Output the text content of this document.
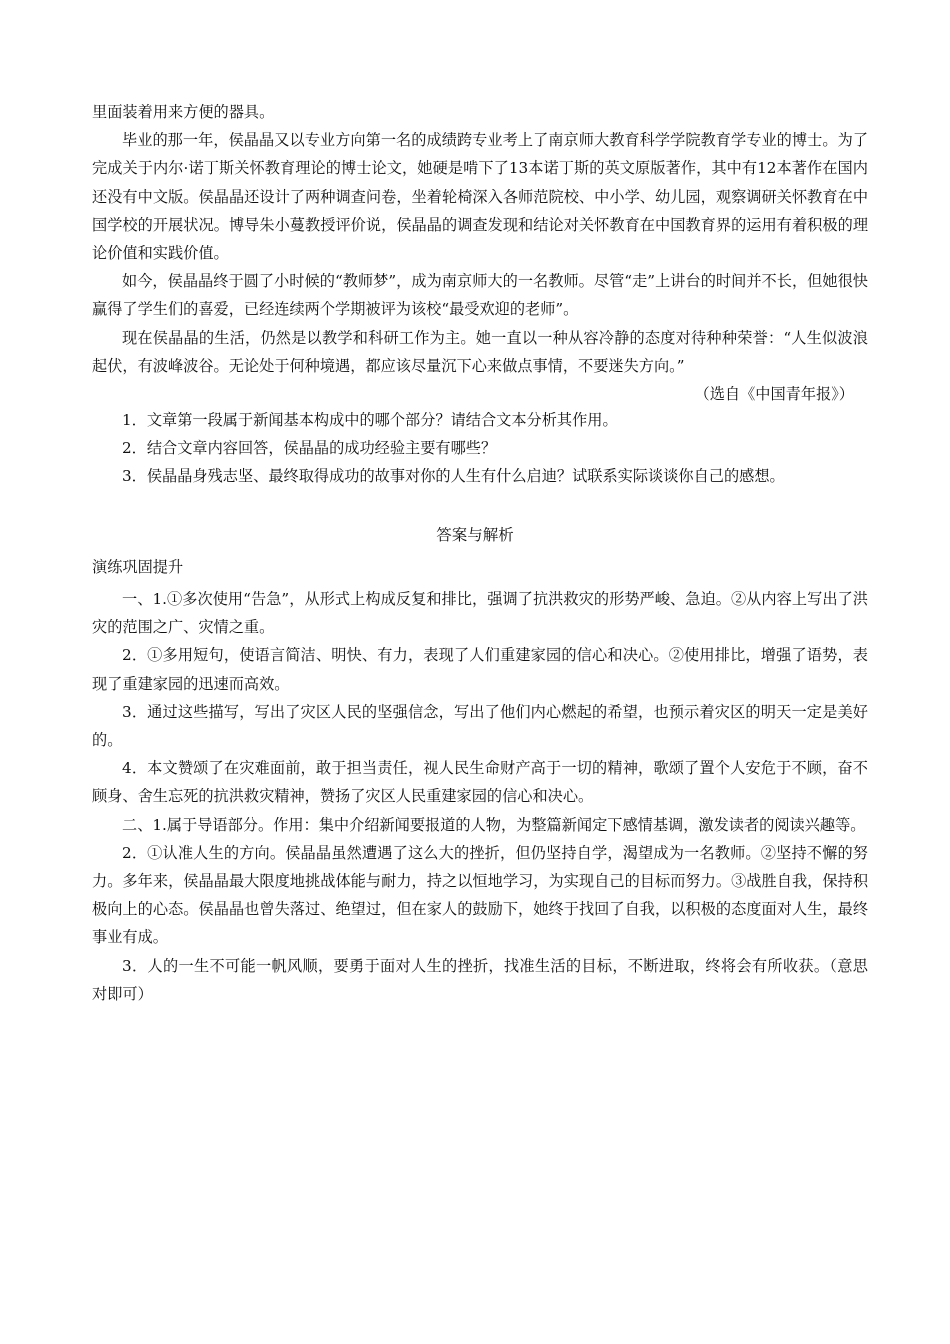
里面装着用来方便的器具。

毕业的那一年，侯晶晶又以专业方向第一名的成绩跨专业考上了南京师大教育科学学院教育学专业的博士。为了完成关于内尔·诺丁斯关怀教育理论的博士论文，她硬是啃下了13本诺丁斯的英文原版著作，其中有12本著作在国内还没有中文版。侯晶晶还设计了两种调查问卷，坐着轮椅深入各师范院校、中小学、幼儿园，观察调研关怀教育在中国学校的开展状况。博导朱小蔓教授评价说，侯晶晶的调查发现和结论对关怀教育在中国教育界的运用有着积极的理论价值和实践价值。

如今，侯晶晶终于圆了小时候的“教师梦”，成为南京师大的一名教师。尽管“走”上讲台的时间并不长，但她很快赢得了学生们的喜爱，已经连续两个学期被评为该校“最受欢迎的老师”。

现在侯晶晶的生活，仍然是以教学和科研工作为主。她一直以一种从容冷静的态度对待种种荣誉：“人生似波浪起伏，有波峰波谷。无论处于何种境遇，都应该尽量沉下心来做点事情，不要迷失方向。”

（选自《中国青年报》）

1．文章第一段属于新闻基本构成中的哪个部分？请结合文本分析其作用。

2．结合文章内容回答，侯晶晶的成功经验主要有哪些？

3．侯晶晶身残志坚、最终取得成功的故事对你的人生有什么启迪？试联系实际谈谈你自己的感想。

答案与解析
演练巩固提升

一、1.①多次使用“告急”，从形式上构成反复和排比，强调了抗洪救灾的形势严峻、急迫。②从内容上写出了洪灾的范围之广、灾情之重。

2．①多用短句，使语言简洁、明快、有力，表现了人们重建家园的信心和决心。②使用排比，增强了语势，表现了重建家园的迅速而高效。

3．通过这些描写，写出了灾区人民的坚强信念，写出了他们内心燃起的希望，也预示着灾区的明天一定是美好的。

4．本文赞颂了在灾难面前，敢于担当责任，视人民生命财产高于一切的精神，歌颂了置个人安危于不顾，奋不顾身、舍生忘死的抗洪救灾精神，赞扬了灾区人民重建家园的信心和决心。

二、1.属于导语部分。作用：集中介绍新闻要报道的人物，为整篇新闻定下感情基调，激发读者的阅读兴趣等。

2．①认准人生的方向。侯晶晶虽然遭遇了这么大的挫折，但仍坚持自学，渴望成为一名教师。②坚持不懈的努力。多年来，侯晶晶最大限度地挑战体能与耐力，持之以恒地学习，为实现自己的目标而努力。③战胜自我，保持积极向上的心态。侯晶晶也曾失落过、绝望过，但在家人的鼓励下，她终于找回了自我，以积极的态度面对人生，最终事业有成。

3．人的一生不可能一帆风顺，要勇于面对人生的挫折，找准生活的目标，不断进取，终将会有所收获。（意思对即可）
